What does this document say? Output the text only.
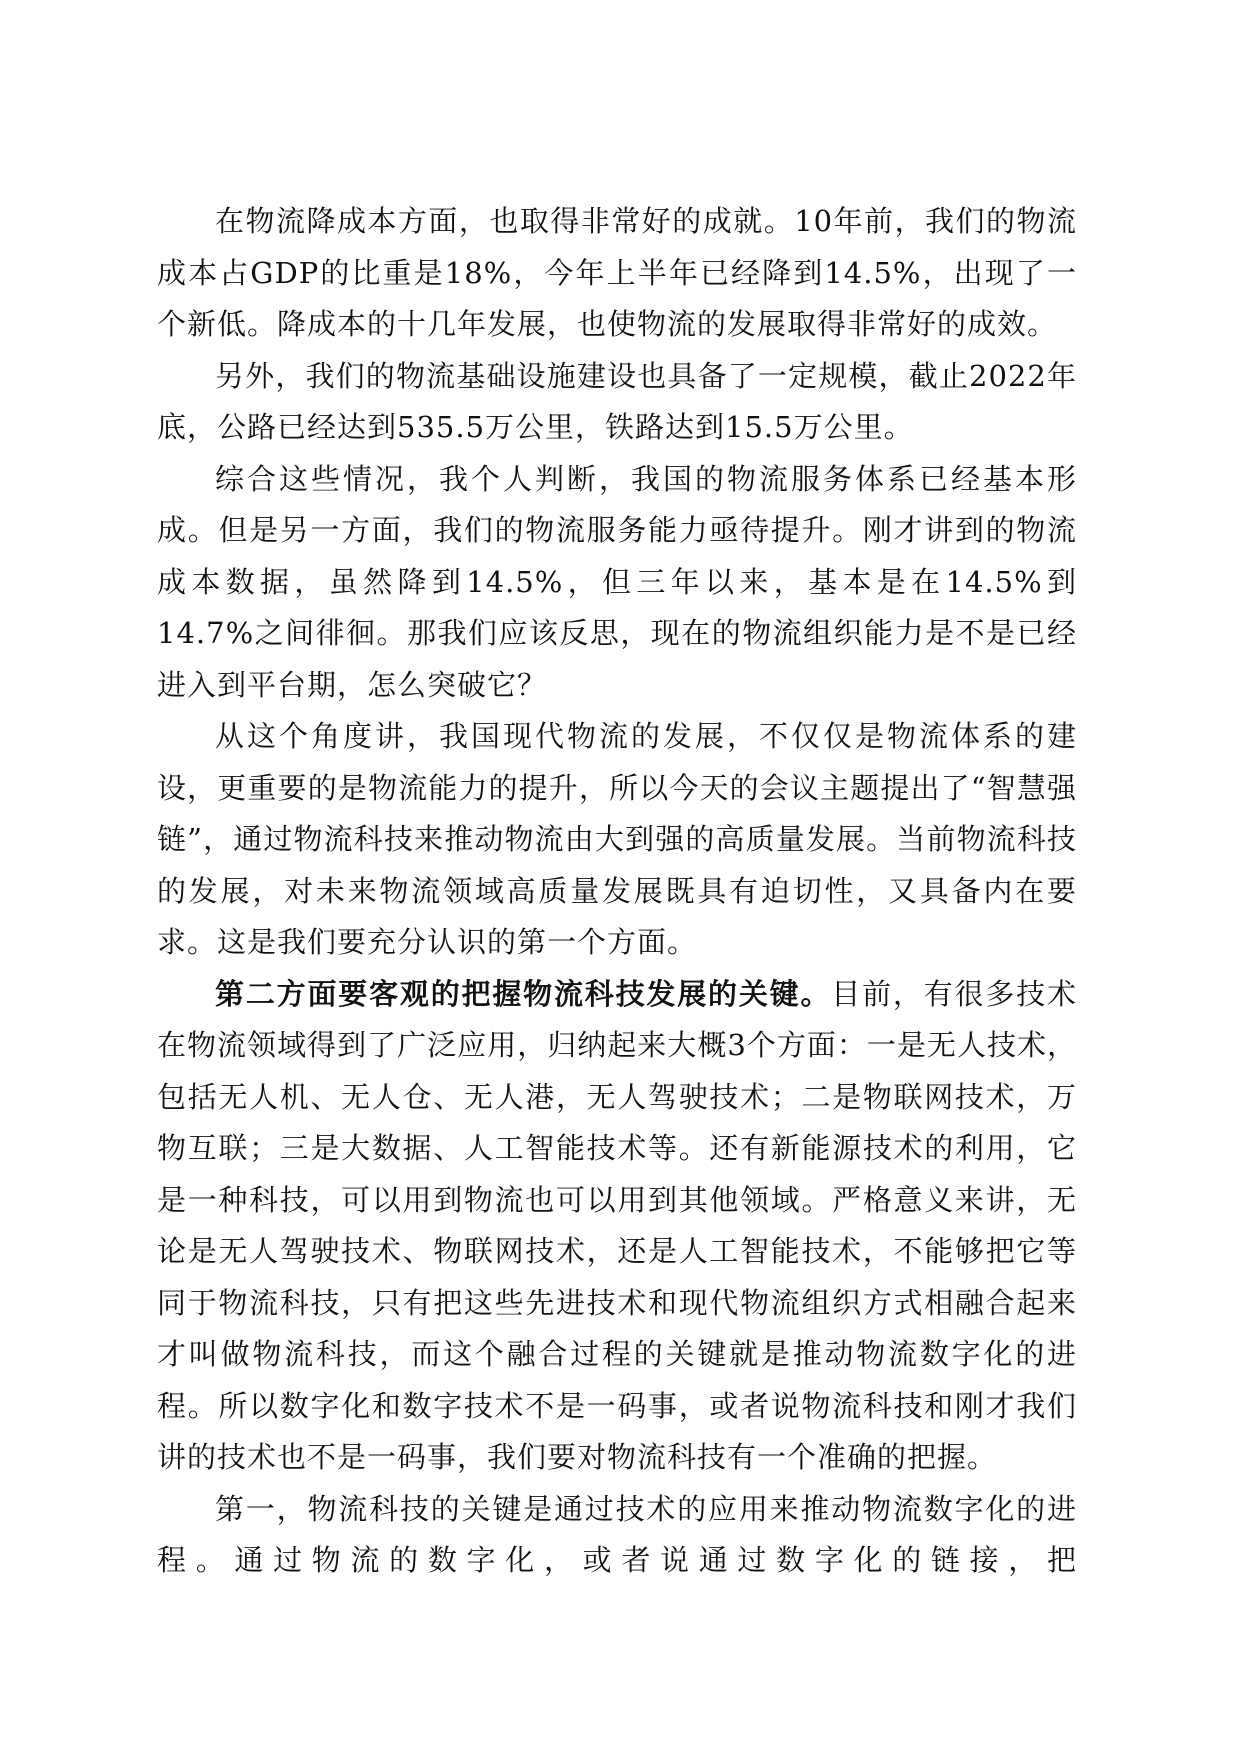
在物流降成本方面，也取得非常好的成就。10年前，我们的物流成本占GDP的比重是18%，今年上半年已经降到14.5%，出现了一个新低。降成本的十几年发展，也使物流的发展取得非常好的成效。

另外，我们的物流基础设施建设也具备了一定规模，截止2022年底，公路已经达到535.5万公里，铁路达到15.5万公里。

综合这些情况，我个人判断，我国的物流服务体系已经基本形成。但是另一方面，我们的物流服务能力亟待提升。刚才讲到的物流成本数据，虽然降到14.5%，但三年以来，基本是在14.5%到14.7%之间徘徊。那我们应该反思，现在的物流组织能力是不是已经进入到平台期，怎么突破它？

从这个角度讲，我国现代物流的发展，不仅仅是物流体系的建设，更重要的是物流能力的提升，所以今天的会议主题提出了“智慧强链”，通过物流科技来推动物流由大到强的高质量发展。当前物流科技的发展，对未来物流领域高质量发展既具有迫切性，又具备内在要求。这是我们要充分认识的第一个方面。

第二方面要客观的把握物流科技发展的关键。目前，有很多技术在物流领域得到了广泛应用，归纳起来大概3个方面：一是无人技术，包括无人机、无人仓、无人港，无人驾驶技术；二是物联网技术，万物互联；三是大数据、人工智能技术等。还有新能源技术的利用，它是一种科技，可以用到物流也可以用到其他领域。严格意义来讲，无论是无人驾驶技术、物联网技术，还是人工智能技术，不能够把它等同于物流科技，只有把这些先进技术和现代物流组织方式相融合起来才叫做物流科技，而这个融合过程的关键就是推动物流数字化的进程。所以数字化和数字技术不是一码事，或者说物流科技和刚才我们讲的技术也不是一码事，我们要对物流科技有一个准确的把握。

第一，物流科技的关键是通过技术的应用来推动物流数字化的进程。通过物流的数字化，或者说通过数字化的链接，把
